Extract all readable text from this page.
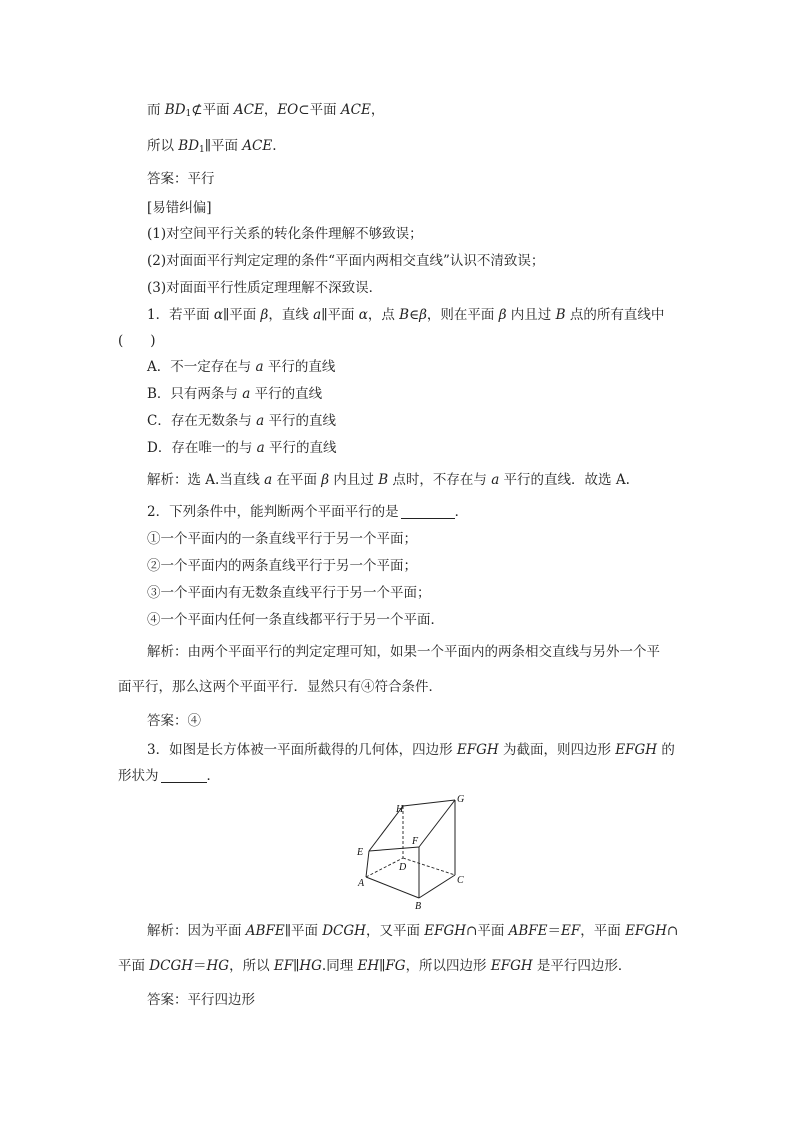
而 $BD_1⊄$平面 ACE，EO⊂平面 ACE，
所以 $BD_1\parallel$平面 ACE.
答案：平行
[易错纠偏]
(1)对空间平行关系的转化条件理解不够致误；
(2)对面面平行判定定理的条件“平面内两相交直线”认识不清致误；
(3)对面面平行性质定理理解不深致误．
1．若平面 α∥平面 β，直线 a∥平面 α，点 B∈β，则在平面 β 内且过 B 点的所有直线中
(　　)
A．不一定存在与 a 平行的直线
B．只有两条与 a 平行的直线
C．存在无数条与 a 平行的直线
D．存在唯一的与 a 平行的直线
解析：选 A.当直线 a 在平面 β 内且过 B 点时，不存在与 a 平行的直线．故选 A.
2．下列条件中，能判断两个平面平行的是	．
①一个平面内的一条直线平行于另一个平面；
②一个平面内的两条直线平行于另一个平面；
③一个平面内有无数条直线平行于另一个平面；
④一个平面内任何一条直线都平行于另一个平面．
解析：由两个平面平行的判定定理可知，如果一个平面内的两条相交直线与另外一个平
面平行，那么这两个平面平行．显然只有④符合条件．
答案：④
3．如图是长方体被一平面所截得的几何体，四边形 EFGH 为截面，则四边形 EFGH 的
形状为	．
H
G
E
F
D
A	C
B
解析：因为平面 ABFE∥平面 DCGH，又平面 EFGH∩平面 ABFE＝EF，平面 EFGH∩
平面 DCGH＝HG，所以 EF∥HG.同理 EH∥FG，所以四边形 EFGH 是平行四边形．
答案：平行四边形
